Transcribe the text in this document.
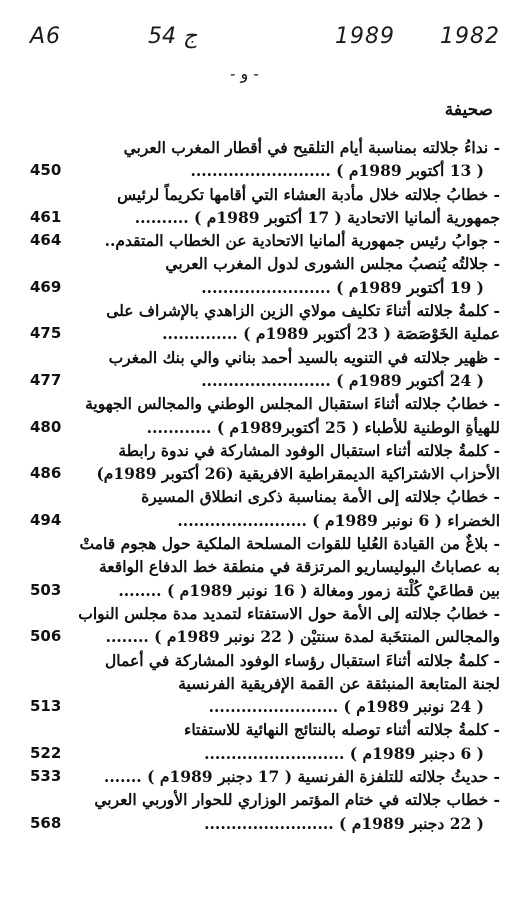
A6	54 ج	1989 1982
- و -
صحيفة
- نداءُ جلالته بمناسبة أيام التلقيح في أقطار المغرب العربي
( 13 أكتوبر 1989م ) ..........................
450
- خطابُ جلالته خلال مأدبة العشاء التي أقامها تكريماً لرئيس
جمهورية ألمانيا الاتحادية ( 17 أكتوبر 1989م ) ..........
461
- جوابُ رئيس جمهورية ألمانيا الاتحادية عن الخطاب المتقدم..
464
- جلالتُه يُنصبُ مجلس الشورى لدول المغرب العربي
( 19 أكتوبر 1989م ) ........................
469
- كلمةُ جلالته أثناءَ تكليف مولاي الزين الزاهدي بالإشراف على
عملية الخَوْصَصَة ( 23 أكتوبر 1989م ) ..............
475
- ظهير جلالته في التنويه بالسيد أحمد بناني والي بنك المغرب
( 24 أكتوبر 1989م ) ........................
477
- خطابُ جلالته أثناءَ استقبال المجلس الوطني والمجالس الجهوية
للهيأةِ الوطنية للأطباء ( 25 أكتوبر1989م ) ............
480
- كلمةُ جلالته أثناء استقبال الوفود المشاركة في ندوة رابطة
الأحزاب الاشتراكية الديمقراطية الافريقية (26 أكتوبر 1989م)
486
- خطابُ جلالته إلى الأمة بمناسبة ذكرى انطلاق المسيرة
الخضراء ( 6 نونبر 1989م ) ........................
494
- بلاغٌ من القيادة العُليا للقوات المسلحة الملكية حول هجوم قامتْ
به عصاباتُ البوليساريو المرتزقة في منطقة خط الدفاع الواقعة
بين قطاعَيْ كُلْتة زمور ومغالة ( 16 نونبر 1989م ) ........
503
- خطابُ جلالته إلى الأمة حول الاستفتاء لتمديد مدة مجلس النواب
والمجالس المنتخَبة لمدة سنتيْن ( 22 نونبر 1989م ) ........
506
- كلمةُ جلالته أثناءَ استقبال رؤساء الوفود المشاركة في أعمال
لجنة المتابعة المنبثقة عن القمة الإفريقية الفرنسية
( 24 نونبر 1989م ) ........................
513
- كلمةُ جلالته أثناء توصله بالنتائج النهائية للاستفتاء
( 6 دجنبر 1989م ) ..........................
522
- حديثُ جلالته للتلفزة الفرنسية ( 17 دجنبر 1989م ) .......
533
- خطاب جلالته في ختام المؤتمر الوزاري للحوار الأوربي العربي
( 22 دجنبر 1989م ) ........................
568
